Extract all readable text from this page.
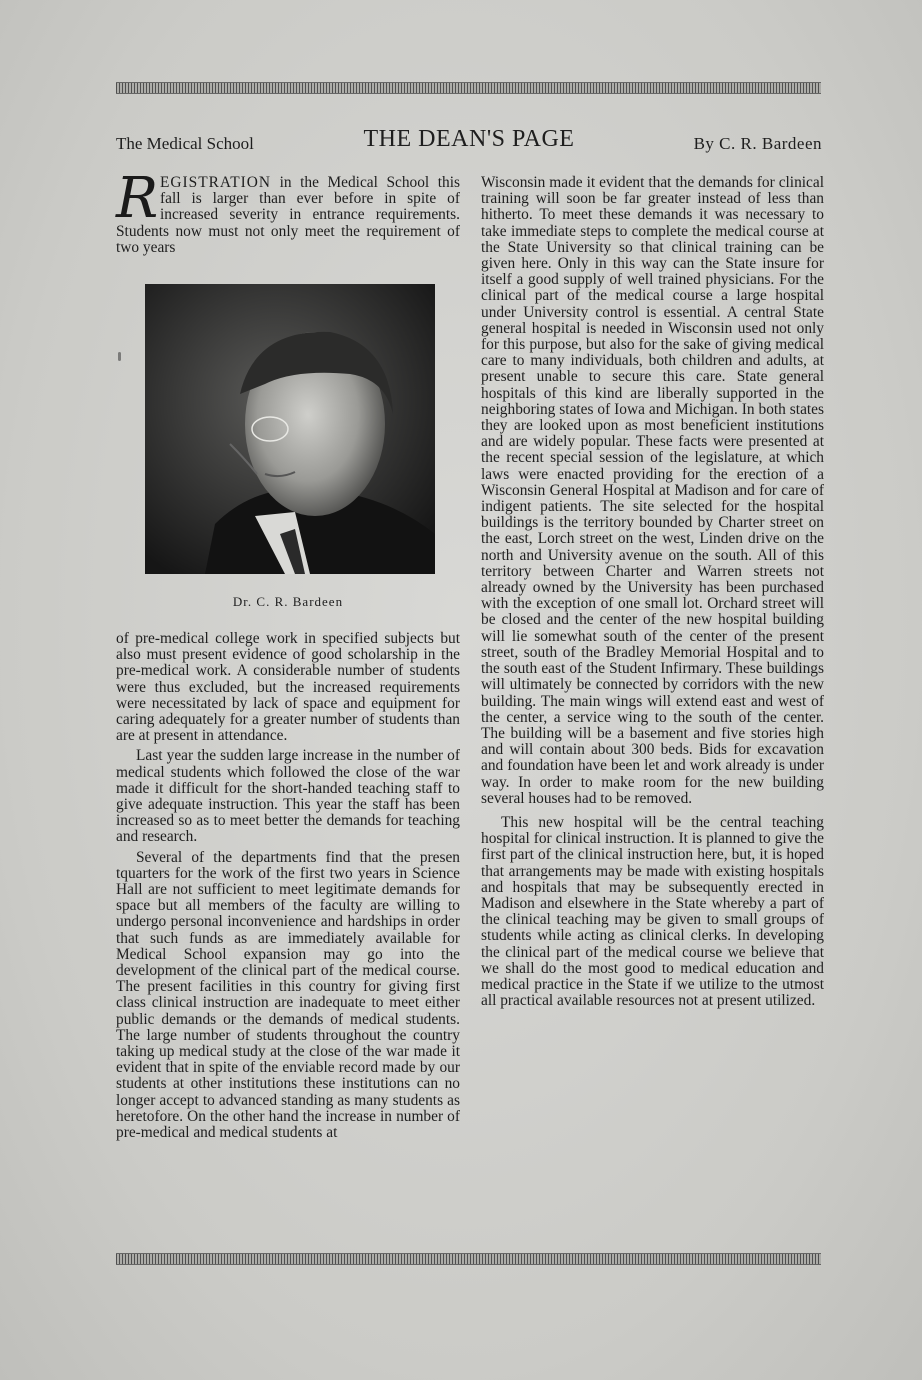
The Medical School	THE DEAN'S PAGE	By C. R. Bardeen

REGISTRATION in the Medical School this fall is larger than ever before in spite of increased severity in entrance requirements. Students now must not only meet the requirement of two years

Dr. C. R. Bardeen

of pre-medical college work in specified subjects but also must present evidence of good scholarship in the pre-medical work. A considerable number of students were thus excluded, but the increased requirements were necessitated by lack of space and equipment for caring adequately for a greater number of students than are at present in attendance.

Last year the sudden large increase in the number of medical students which followed the close of the war made it difficult for the short-handed teaching staff to give adequate instruction. This year the staff has been increased so as to meet better the demands for teaching and research.

Several of the departments find that the presen tquarters for the work of the first two years in Science Hall are not sufficient to meet legitimate demands for space but all members of the faculty are willing to undergo personal inconvenience and hardships in order that such funds as are immediately available for Medical School expansion may go into the development of the clinical part of the medical course. The present facilities in this country for giving first class clinical instruction are inadequate to meet either public demands or the demands of medical students. The large number of students throughout the country taking up medical study at the close of the war made it evident that in spite of the enviable record made by our students at other institutions these institutions can no longer accept to advanced standing as many students as heretofore. On the other hand the increase in number of pre-medical and medical students at

Wisconsin made it evident that the demands for clinical training will soon be far greater instead of less than hitherto. To meet these demands it was necessary to take immediate steps to complete the medical course at the State University so that clinical training can be given here. Only in this way can the State insure for itself a good supply of well trained physicians. For the clinical part of the medical course a large hospital under University control is essential. A central State general hospital is needed in Wisconsin used not only for this purpose, but also for the sake of giving medical care to many individuals, both children and adults, at present unable to secure this care. State general hospitals of this kind are liberally supported in the neighboring states of Iowa and Michigan. In both states they are looked upon as most beneficient institutions and are widely popular. These facts were presented at the recent special session of the legislature, at which laws were enacted providing for the erection of a Wisconsin General Hospital at Madison and for care of indigent patients. The site selected for the hospital buildings is the territory bounded by Charter street on the east, Lorch street on the west, Linden drive on the north and University avenue on the south. All of this territory between Charter and Warren streets not already owned by the University has been purchased with the exception of one small lot. Orchard street will be closed and the center of the new hospital building will lie somewhat south of the center of the present street, south of the Bradley Memorial Hospital and to the south east of the Student Infirmary. These buildings will ultimately be connected by corridors with the new building. The main wings will extend east and west of the center, a service wing to the south of the center. The building will be a basement and five stories high and will contain about 300 beds. Bids for excavation and foundation have been let and work already is under way. In order to make room for the new building several houses had to be removed.

This new hospital will be the central teaching hospital for clinical instruction. It is planned to give the first part of the clinical instruction here, but, it is hoped that arrangements may be made with existing hospitals and hospitals that may be subsequently erected in Madison and elsewhere in the State whereby a part of the clinical teaching may be given to small groups of students while acting as clinical clerks. In developing the clinical part of the medical course we believe that we shall do the most good to medical education and medical practice in the State if we utilize to the utmost all practical available resources not at present utilized.
